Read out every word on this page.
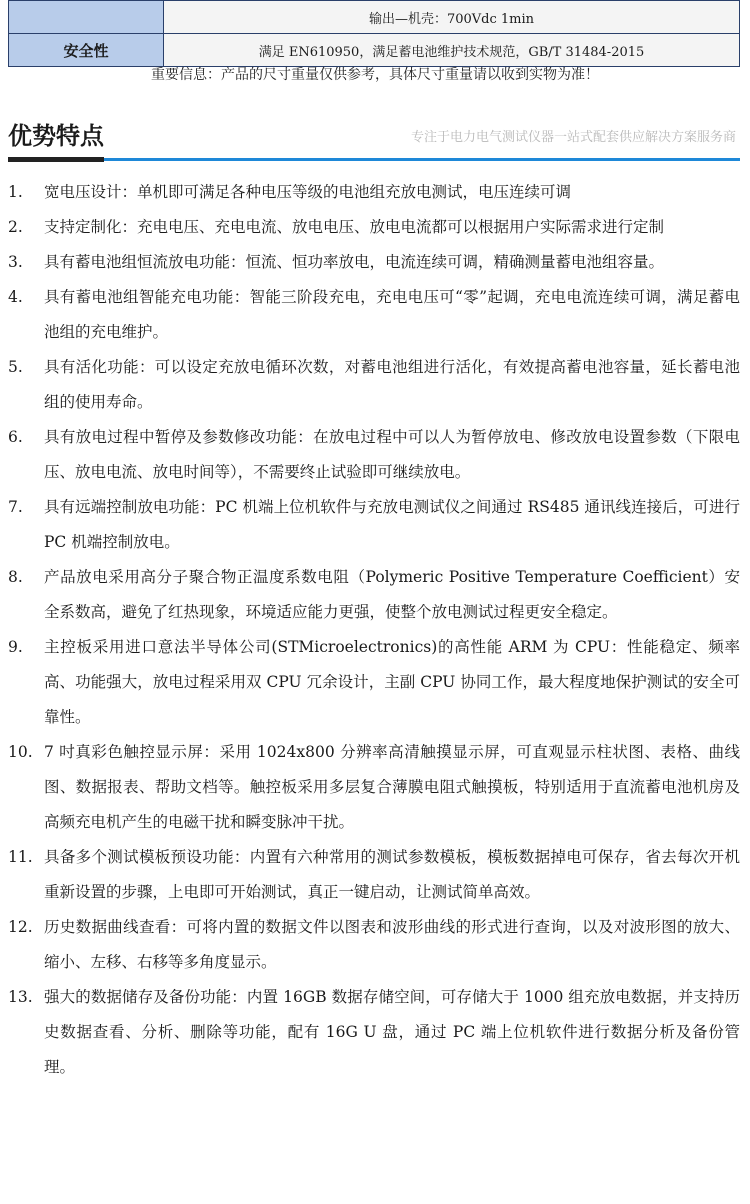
	输出—机壳：700Vdc 1min
安全性	满足 EN610950，满足蓄电池维护技术规范，GB/T 31484-2015
重要信息：产品的尺寸重量仅供参考，具体尺寸重量请以收到实物为准！
优势特点	专注于电力电气测试仪器一站式配套供应解决方案服务商
1. 宽电压设计：单机即可满足各种电压等级的电池组充放电测试，电压连续可调
2. 支持定制化：充电电压、充电电流、放电电压、放电电流都可以根据用户实际需求进行定制
3. 具有蓄电池组恒流放电功能：恒流、恒功率放电，电流连续可调，精确测量蓄电池组容量。
4. 具有蓄电池组智能充电功能：智能三阶段充电，充电电压可“零”起调，充电电流连续可调，满足蓄电池组的充电维护。
5. 具有活化功能：可以设定充放电循环次数，对蓄电池组进行活化，有效提高蓄电池容量，延长蓄电池组的使用寿命。
6. 具有放电过程中暂停及参数修改功能：在放电过程中可以人为暂停放电、修改放电设置参数（下限电压、放电电流、放电时间等），不需要终止试验即可继续放电。
7. 具有远端控制放电功能：PC 机端上位机软件与充放电测试仪之间通过 RS485 通讯线连接后，可进行 PC 机端控制放电。
8. 产品放电采用高分子聚合物正温度系数电阻（Polymeric Positive Temperature Coefficient）安全系数高，避免了红热现象，环境适应能力更强，使整个放电测试过程更安全稳定。
9. 主控板采用进口意法半导体公司(STMicroelectronics)的高性能 ARM 为 CPU：性能稳定、频率高、功能强大，放电过程采用双 CPU 冗余设计，主副 CPU 协同工作，最大程度地保护测试的安全可靠性。
10. 7 吋真彩色触控显示屏：采用 1024x800 分辨率高清触摸显示屏，可直观显示柱状图、表格、曲线图、数据报表、帮助文档等。触控板采用多层复合薄膜电阻式触摸板，特别适用于直流蓄电池机房及高频充电机产生的电磁干扰和瞬变脉冲干扰。
11. 具备多个测试模板预设功能：内置有六种常用的测试参数模板，模板数据掉电可保存，省去每次开机重新设置的步骤，上电即可开始测试，真正一键启动，让测试简单高效。
12. 历史数据曲线查看：可将内置的数据文件以图表和波形曲线的形式进行查询，以及对波形图的放大、缩小、左移、右移等多角度显示。
13. 强大的数据储存及备份功能：内置 16GB 数据存储空间，可存储大于 1000 组充放电数据，并支持历史数据查看、分析、删除等功能，配有 16G U 盘，通过 PC 端上位机软件进行数据分析及备份管理。
